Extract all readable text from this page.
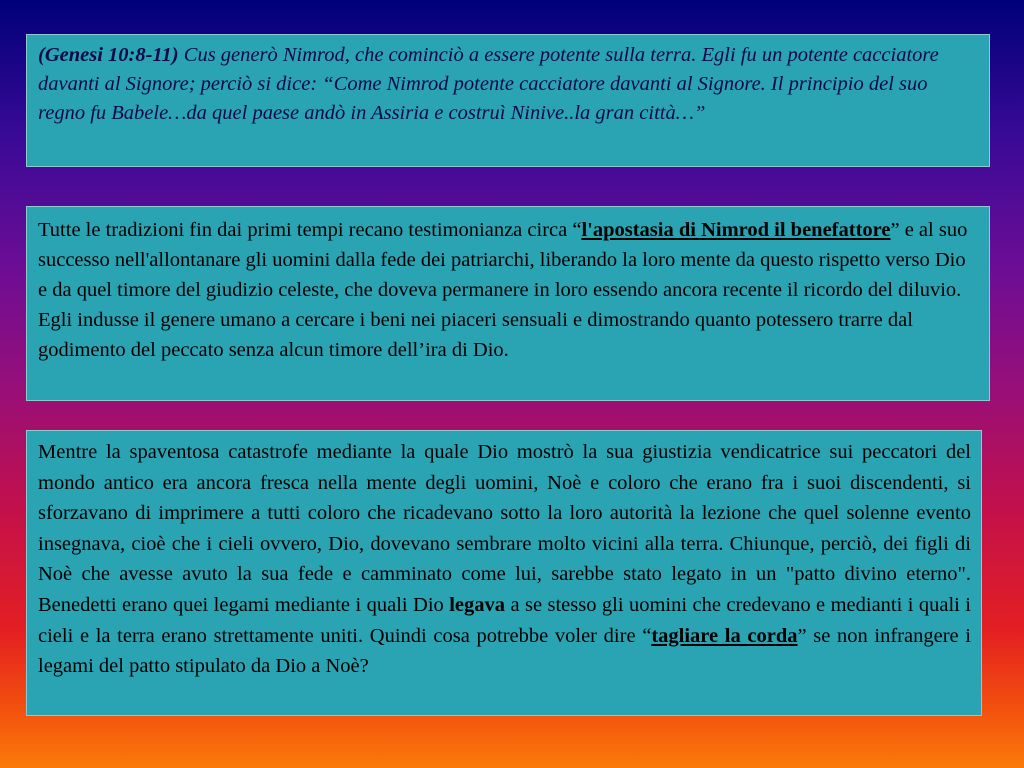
(Genesi 10:8-11) Cus generò Nimrod, che cominciò a essere potente sulla terra. Egli fu un potente cacciatore davanti al Signore; perciò si dice: “Come Nimrod potente cacciatore davanti al Signore. Il principio del suo regno fu Babele…da quel paese andò in Assiria e costruì Ninive..la gran città…”

Tutte le tradizioni fin dai primi tempi recano testimonianza circa “l'apostasia di Nimrod il benefattore” e al suo successo nell'allontanare gli uomini dalla fede dei patriarchi, liberando la loro mente da questo rispetto verso Dio e da quel timore del giudizio celeste, che doveva permanere in loro essendo ancora recente il ricordo del diluvio. Egli indusse il genere umano a cercare i beni nei piaceri sensuali e dimostrando quanto potessero trarre dal godimento del peccato senza alcun timore dell’ira di Dio.

Mentre la spaventosa catastrofe mediante la quale Dio mostrò la sua giustizia vendicatrice sui peccatori del mondo antico era ancora fresca nella mente degli uomini, Noè e coloro che erano fra i suoi discendenti, si sforzavano di imprimere a tutti coloro che ricadevano sotto la loro autorità la lezione che quel solenne evento insegnava, cioè che i cieli ovvero, Dio, dovevano sembrare molto vicini alla terra. Chiunque, perciò, dei figli di Noè che avesse avuto la sua fede e camminato come lui, sarebbe stato legato in un "patto divino eterno". Benedetti erano quei legami mediante i quali Dio legava a se stesso gli uomini che credevano e medianti i quali i cieli e la terra erano strettamente uniti. Quindi cosa potrebbe voler dire “tagliare la corda” se non infrangere i legami del patto stipulato da Dio a Noè?
